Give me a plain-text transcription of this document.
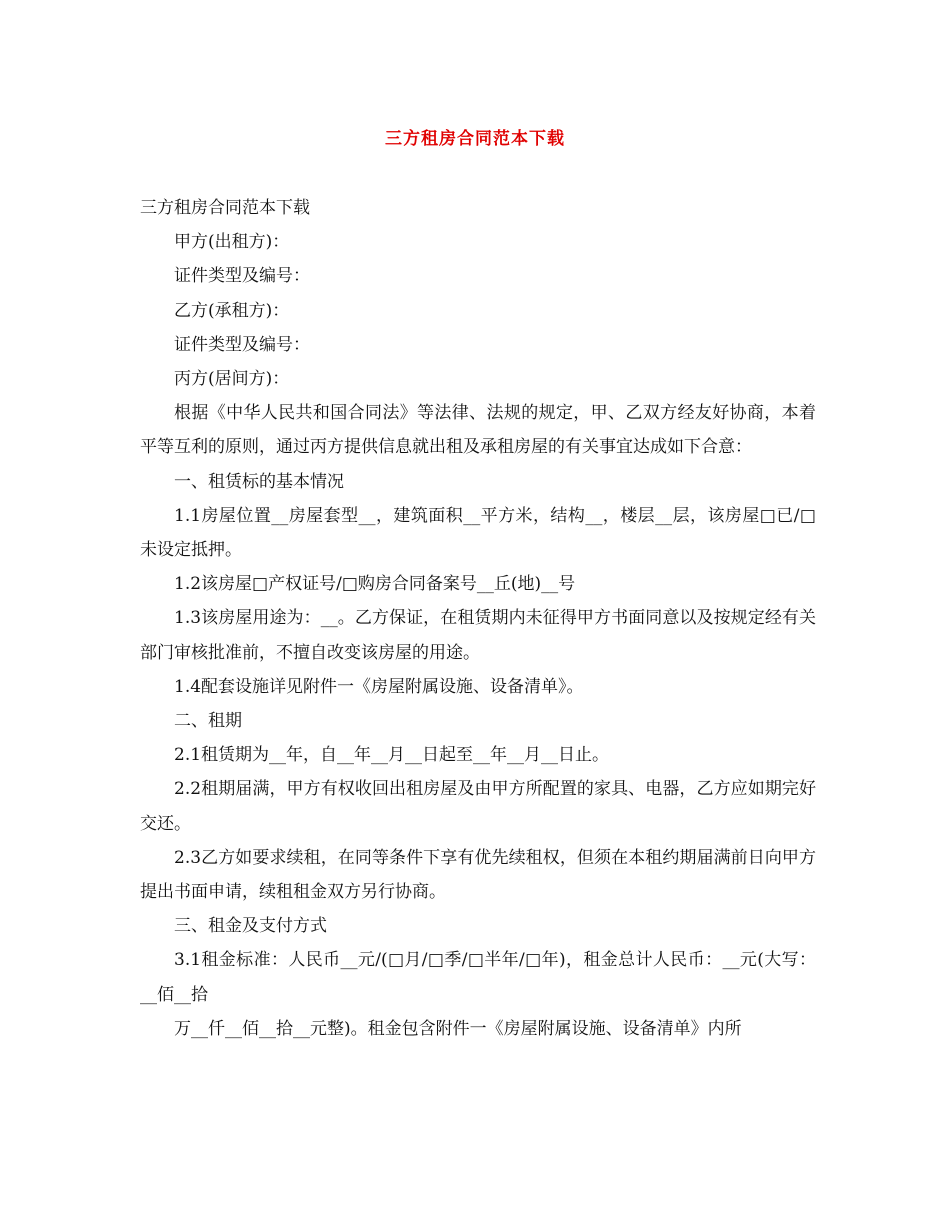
三方租房合同范本下载

三方租房合同范本下载

甲方(出租方)：

证件类型及编号：

乙方(承租方)：

证件类型及编号：

丙方(居间方)：

根据《中华人民共和国合同法》等法律、法规的规定，甲、乙双方经友好协商，本着平等互利的原则，通过丙方提供信息就出租及承租房屋的有关事宜达成如下合意：

一、租赁标的基本情况

1.1房屋位置__房屋套型__，建筑面积__平方米，结构__，楼层__层，该房屋□已/□未设定抵押。

1.2该房屋□产权证号/□购房合同备案号__丘(地)__号

1.3该房屋用途为：__。乙方保证，在租赁期内未征得甲方书面同意以及按规定经有关部门审核批准前，不擅自改变该房屋的用途。

1.4配套设施详见附件一《房屋附属设施、设备清单》。

二、租期

2.1租赁期为__年，自__年__月__日起至__年__月__日止。

2.2租期届满，甲方有权收回出租房屋及由甲方所配置的家具、电器，乙方应如期完好交还。

2.3乙方如要求续租，在同等条件下享有优先续租权，但须在本租约期届满前日向甲方提出书面申请，续租租金双方另行协商。

三、租金及支付方式

3.1租金标准：人民币__元/(□月/□季/□半年/□年)，租金总计人民币：__元(大写：__佰__拾

万__仟__佰__拾__元整)。租金包含附件一《房屋附属设施、设备清单》内所
